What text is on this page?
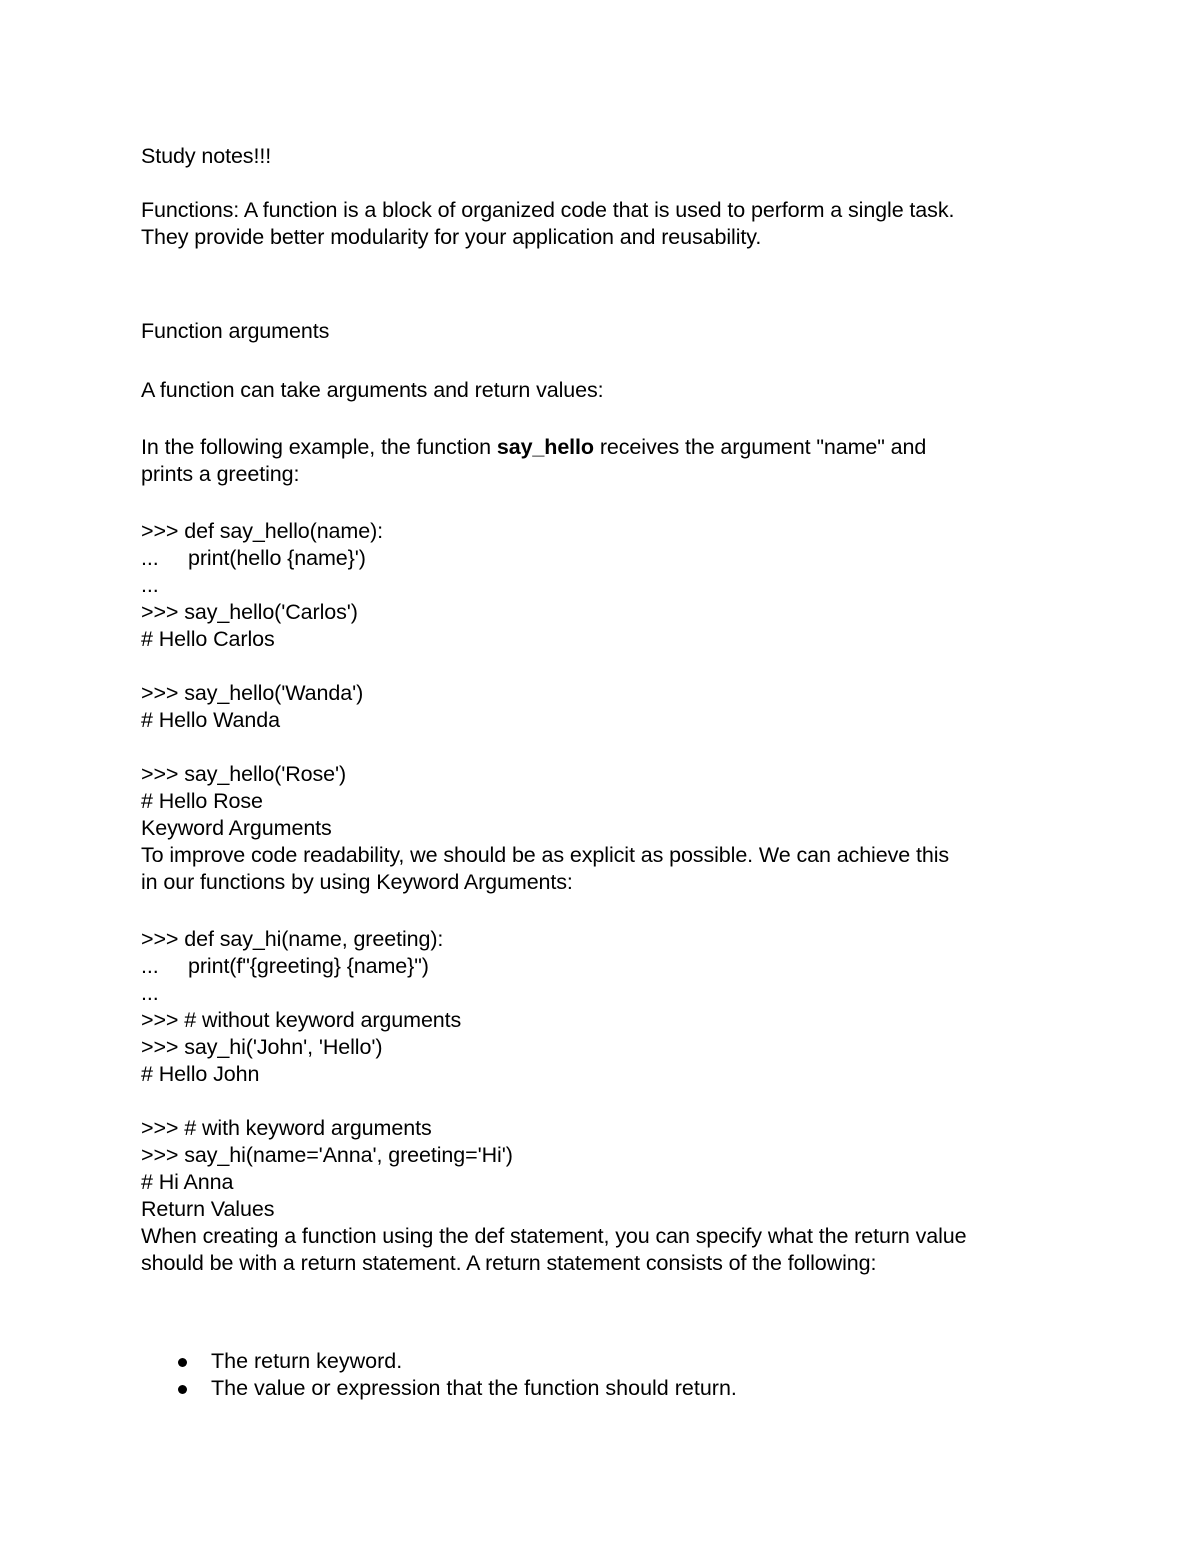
Study notes!!!
Functions: A function is a block of organized code that is used to perform a single task.
They provide better modularity for your application and reusability.
Function arguments
A function can take arguments and return values:
In the following example, the function say_hello receives the argument "name" and
prints a greeting:
>>> def say_hello(name):
...     print(hello {name}')
...
>>> say_hello('Carlos')
# Hello Carlos
>>> say_hello('Wanda')
# Hello Wanda
>>> say_hello('Rose')
# Hello Rose
Keyword Arguments
To improve code readability, we should be as explicit as possible. We can achieve this
in our functions by using Keyword Arguments:
>>> def say_hi(name, greeting):
...     print(f"{greeting} {name}")
...
>>> # without keyword arguments
>>> say_hi('John', 'Hello')
# Hello John
>>> # with keyword arguments
>>> say_hi(name='Anna', greeting='Hi')
# Hi Anna
Return Values
When creating a function using the def statement, you can specify what the return value
should be with a return statement. A return statement consists of the following:
The return keyword.
The value or expression that the function should return.
